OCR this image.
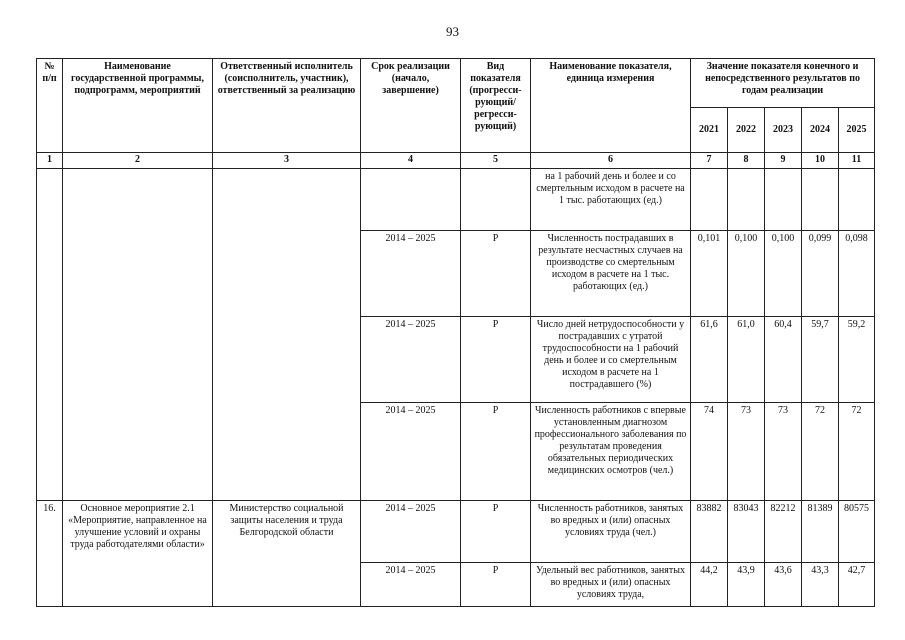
93
№ п/п	Наименование государственной программы, подпрограмм, мероприятий	Ответственный исполнитель (соисполнитель, участник), ответственный за реализацию	Срок реализации (начало, завершение)	Вид показателя (прогресси-рующий/ регресси-рующий)	Наименование показателя, единица измерения	Значение показателя конечного и непосредственного результатов по годам реализации				
						2021	2022	2023	2024	2025
1	2	3	4	5	6	7	8	9	10	11
					на 1 рабочий день и более и со смертельным исходом в расчете на 1 тыс. работающих (ед.)					
			2014 – 2025	Р	Численность пострадавших в результате несчастных случаев на производстве со смертельным исходом в расчете на 1 тыс. работающих (ед.)	0,101	0,100	0,100	0,099	0,098
			2014 – 2025	Р	Число дней нетрудоспособности у пострадавших с утратой трудоспособности на 1 рабочий день и более и со смертельным исходом в расчете на 1 пострадавшего (%)	61,6	61,0	60,4	59,7	59,2
			2014 – 2025	Р	Численность работников с впервые установленным диагнозом профессионального заболевания по результатам проведения обязательных периодических медицинских осмотров (чел.)	74	73	73	72	72
16.	Основное мероприятие 2.1 «Мероприятие, направленное на улучшение условий и охраны труда работодателями области»	Министерство социальной защиты населения и труда Белгородской области	2014 – 2025	Р	Численность работников, занятых во вредных и (или) опасных условиях труда (чел.)	83882	83043	82212	81389	80575
			2014 – 2025	Р	Удельный вес работников, занятых во вредных и (или) опасных условиях труда,	44,2	43,9	43,6	43,3	42,7
